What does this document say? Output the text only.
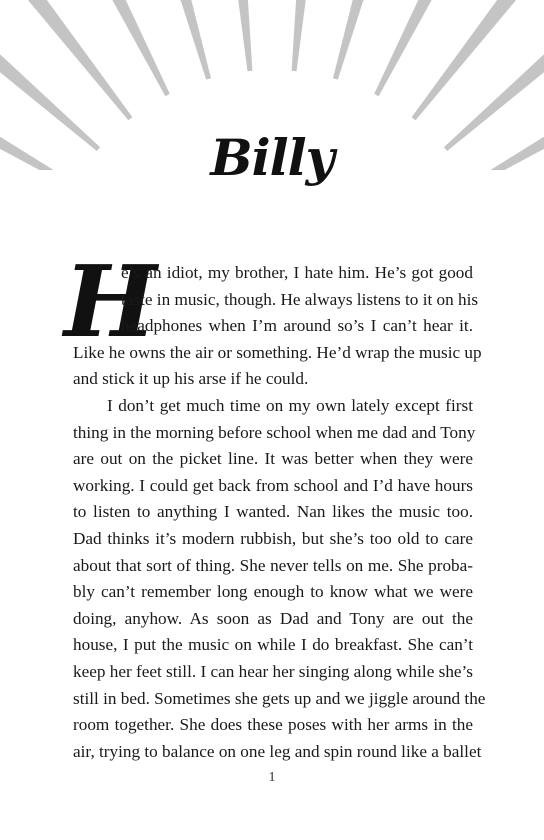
Billy
H
e’s an idiot, my brother, I hate him. He’s got good
taste in music, though. He always listens to it on his
headphones when I’m around so’s I can’t hear it.
Like he owns the air or something. He’d wrap the music up
and stick it up his arse if he could.
I don’t get much time on my own lately except first
thing in the morning before school when me dad and Tony
are out on the picket line. It was better when they were
working. I could get back from school and I’d have hours
to listen to anything I wanted. Nan likes the music too.
Dad thinks it’s modern rubbish, but she’s too old to care
about that sort of thing. She never tells on me. She proba-
bly can’t remember long enough to know what we were
doing, anyhow. As soon as Dad and Tony are out the
house, I put the music on while I do breakfast. She can’t
keep her feet still. I can hear her singing along while she’s
still in bed. Sometimes she gets up and we jiggle around the
room together. She does these poses with her arms in the
air, trying to balance on one leg and spin round like a ballet
1
